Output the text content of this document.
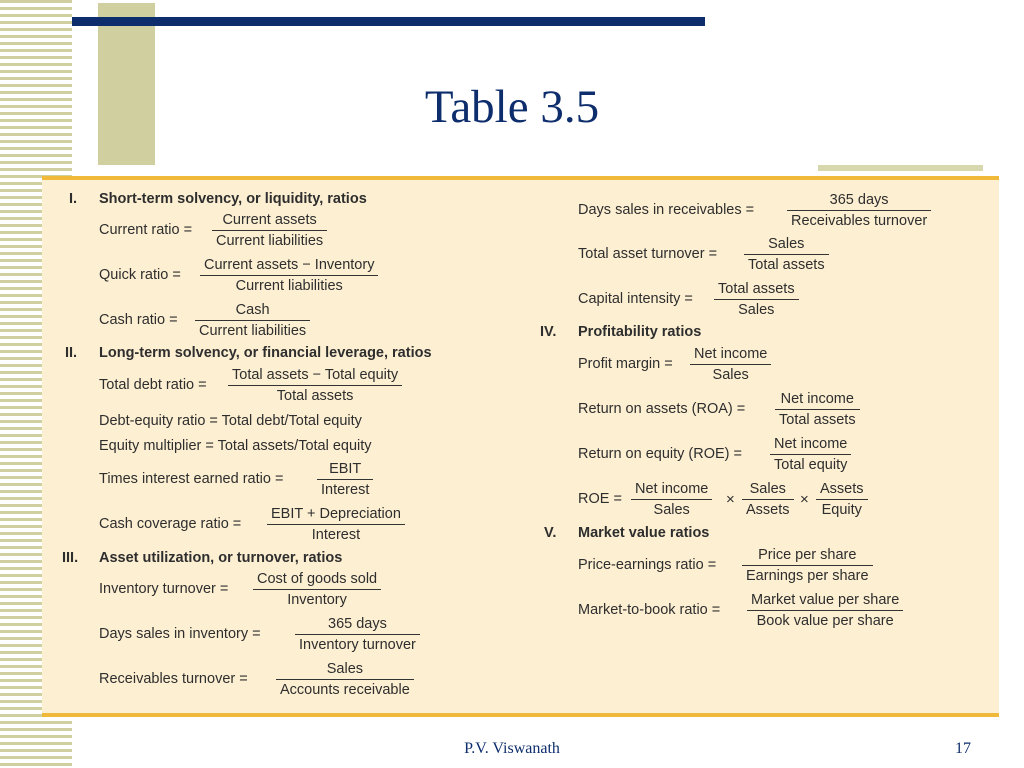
Table 3.5
I. Short-term solvency, or liquidity, ratios
Current ratio =
Current assets
Current liabilities
Quick ratio =
Current assets − Inventory
Current liabilities
Cash ratio =
Cash
Current liabilities
II. Long-term solvency, or financial leverage, ratios
Total debt ratio =
Total assets − Total equity
Total assets
Debt-equity ratio = Total debt/Total equity
Equity multiplier = Total assets/Total equity
Times interest earned ratio =
EBIT
Interest
Cash coverage ratio =
EBIT + Depreciation
Interest
III. Asset utilization, or turnover, ratios
Inventory turnover =
Cost of goods sold
Inventory
Days sales in inventory =
365 days
Inventory turnover
Receivables turnover =
Sales
Accounts receivable
Days sales in receivables =
365 days
Receivables turnover
Total asset turnover =
Sales
Total assets
Capital intensity =
Total assets
Sales
IV. Profitability ratios
Profit margin =
Net income
Sales
Return on assets (ROA) =
Net income
Total assets
Return on equity (ROE) =
Net income
Total equity
ROE =
Net income
Sales
×
Sales
Assets
×
Assets
Equity
V. Market value ratios
Price-earnings ratio =
Price per share
Earnings per share
Market-to-book ratio =
Market value per share
Book value per share
P.V. Viswanath	17
